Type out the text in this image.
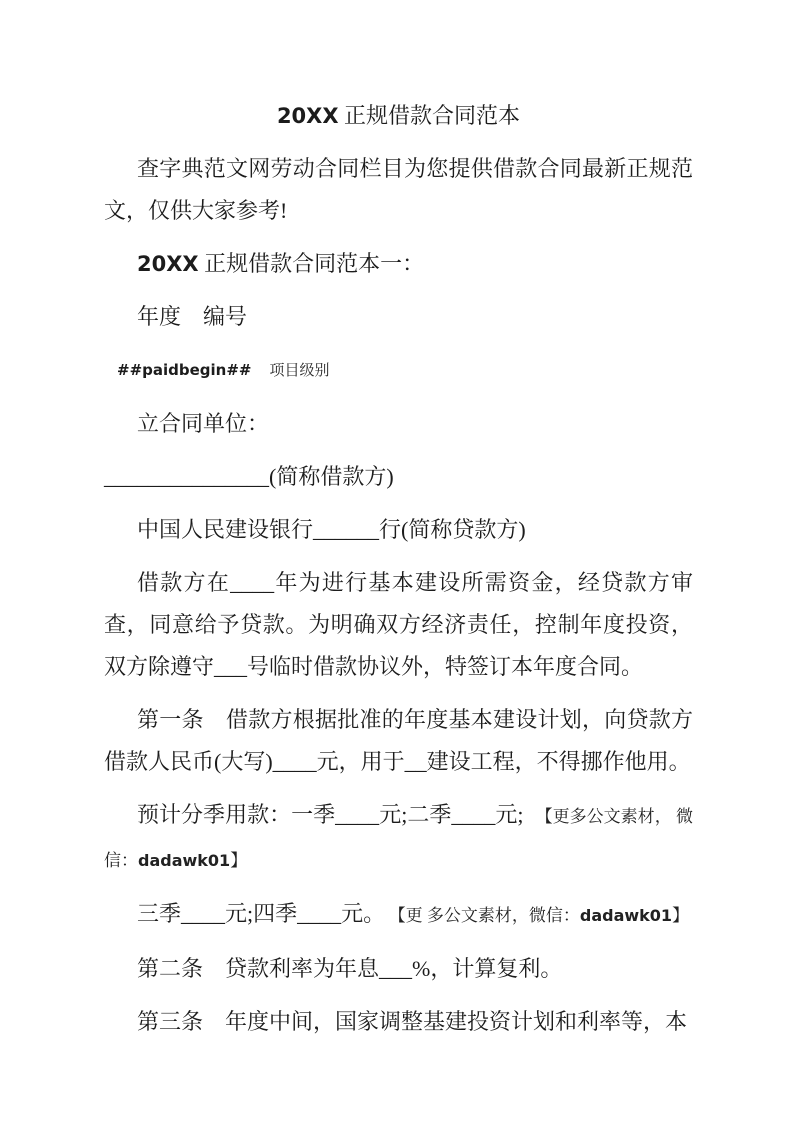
20XX 正规借款合同范本

查字典范文网劳动合同栏目为您提供借款合同最新正规范文，仅供大家参考!

20XX 正规借款合同范本一：

年度　编号

##paidbegin## 项目级别

立合同单位：

_______________(简称借款方)

中国人民建设银行______行(简称贷款方)

借款方在____年为进行基本建设所需资金，经贷款方审查，同意给予贷款。为明确双方经济责任，控制年度投资，双方除遵守___号临时借款协议外，特签订本年度合同。

第一条　借款方根据批准的年度基本建设计划，向贷款方借款人民币(大写)____元，用于__建设工程，不得挪作他用。

预计分季用款：一季____元;二季____元; 【更多公文素材， 微信：dadawk01】

三季____元;四季____元。 【更 多公文素材，微信：dadawk01】

第二条　贷款利率为年息___%，计算复利。

第三条　年度中间，国家调整基建投资计划和利率等，本
